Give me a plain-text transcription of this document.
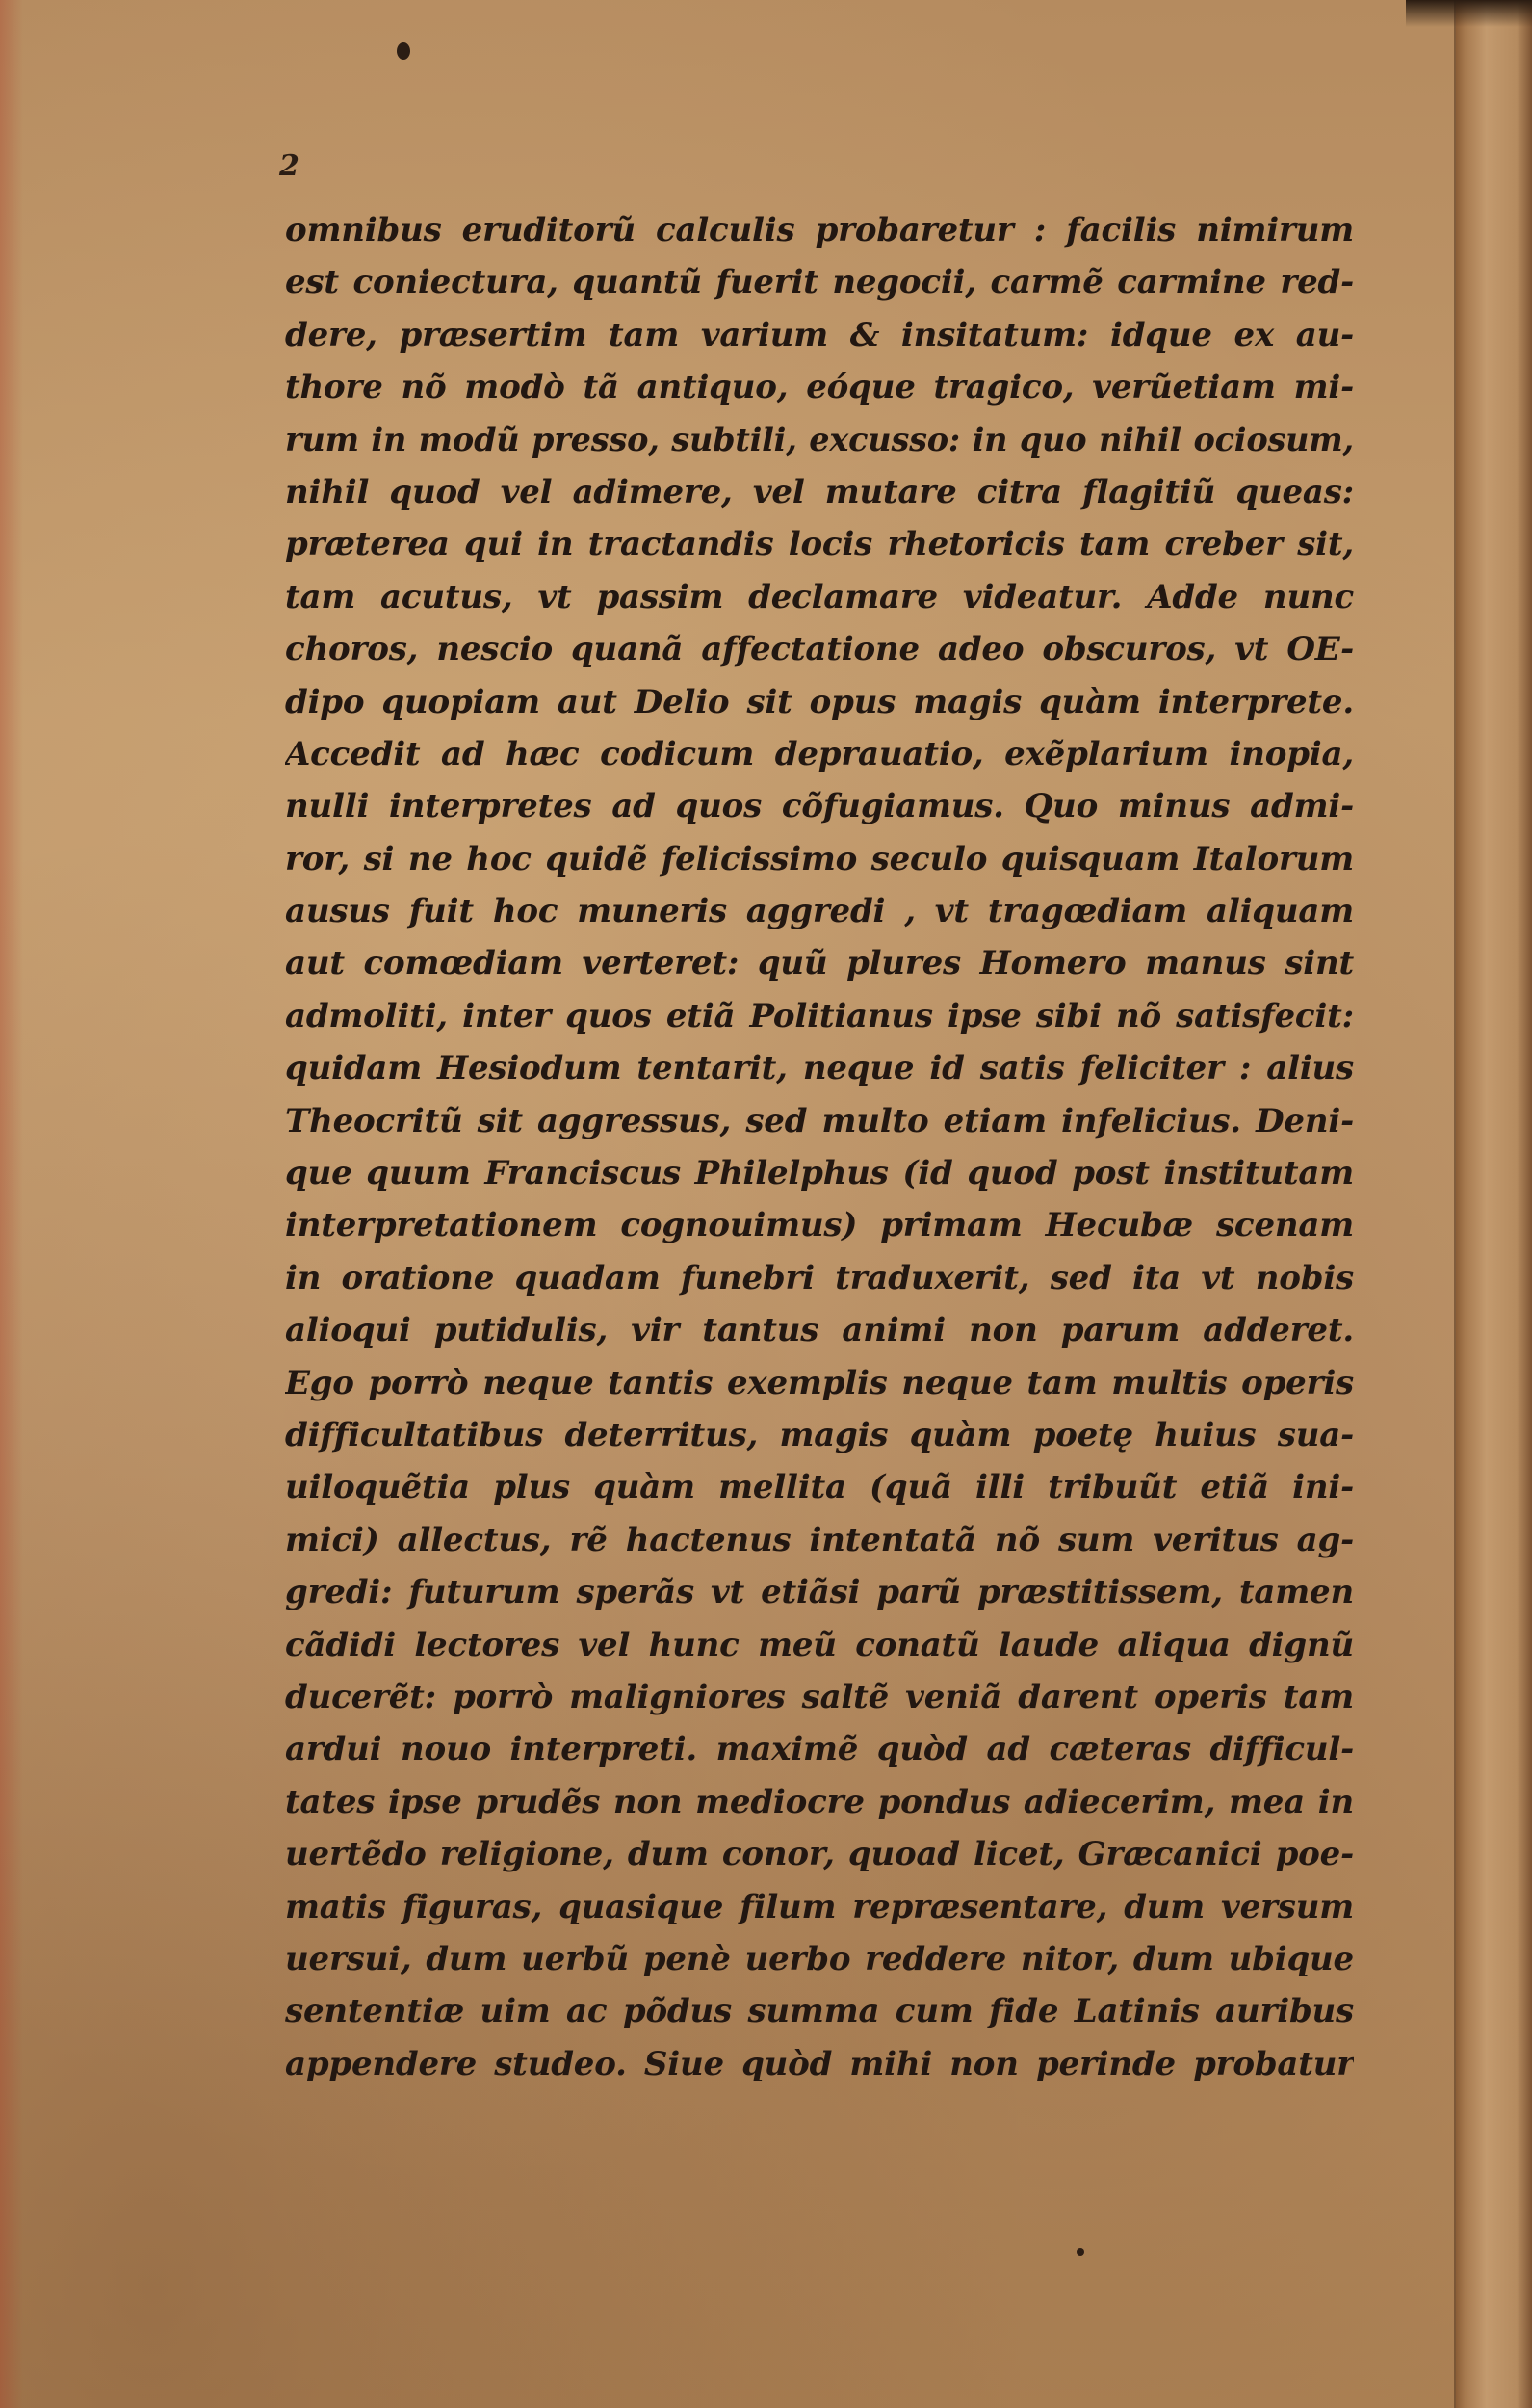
2

omnibus eruditorũ calculis probaretur : facilis nimirum
est coniectura, quantũ fuerit negocii, carmẽ carmine red-
dere, præsertim tam varium & insitatum: idque ex au-
thore nõ modò tã antiquo, eóque tragico, verũetiam mi-
rum in modũ presso, subtili, excusso: in quo nihil ociosum,
nihil quod vel adimere, vel mutare citra flagitiũ queas:
præterea qui in tractandis locis rhetoricis tam creber sit,
tam acutus, vt passim declamare videatur. Adde nunc
choros, nescio quanã affectatione adeo obscuros, vt OE-
dipo quopiam aut Delio sit opus magis quàm interprete.
Accedit ad hæc codicum deprauatio, exẽplarium inopia,
nulli interpretes ad quos cõfugiamus. Quo minus admi-
ror, si ne hoc quidẽ felicissimo seculo quisquam Italorum
ausus fuit hoc muneris aggredi , vt tragœdiam aliquam
aut comœdiam verteret: quũ plures Homero manus sint
admoliti, inter quos etiã Politianus ipse sibi nõ satisfecit:
quidam Hesiodum tentarit, neque id satis feliciter : alius
Theocritũ sit aggressus, sed multo etiam infelicius. Deni-
que quum Franciscus Philelphus (id quod post institutam
interpretationem cognouimus) primam Hecubæ scenam
in oratione quadam funebri traduxerit, sed ita vt nobis
alioqui putidulis, vir tantus animi non parum adderet.
Ego porrò neque tantis exemplis neque tam multis operis
difficultatibus deterritus, magis quàm poetę huius sua-
uiloquẽtia plus quàm mellita (quã illi tribuũt etiã ini-
mici) allectus, rẽ hactenus intentatã nõ sum veritus ag-
gredi: futurum sperãs vt etiãsi parũ præstitissem, tamen
cãdidi lectores vel hunc meũ conatũ laude aliqua dignũ
ducerẽt: porrò maligniores saltẽ veniã darent operis tam
ardui nouo interpreti. maximẽ quòd ad cæteras difficul-
tates ipse prudẽs non mediocre pondus adiecerim, mea in
uertẽdo religione, dum conor, quoad licet, Græcanici poe-
matis figuras, quasique filum repræsentare, dum versum
uersui, dum uerbũ penè uerbo reddere nitor, dum ubique
sententiæ uim ac põdus summa cum fide Latinis auribus
appendere studeo. Siue quòd mihi non perinde probatur
